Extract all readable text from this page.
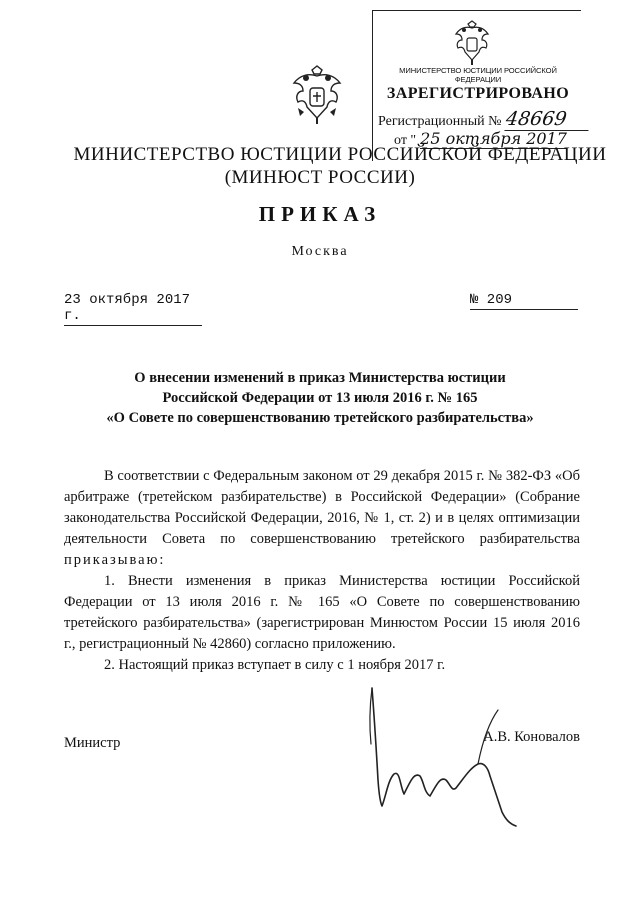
МИНИСТЕРСТВО ЮСТИЦИИ РОССИЙСКОЙ ФЕДЕРАЦИИ
ЗАРЕГИСТРИРОВАНО
Регистрационный № 48669
от " 25 октября 2017
МИНИСТЕРСТВО ЮСТИЦИИ РОССИЙСКОЙ ФЕДЕРАЦИИ
(МИНЮСТ РОССИИ)
ПРИКАЗ
Москва
23 октября 2017 г.
№ 209
О внесении изменений в приказ Министерства юстиции
Российской Федерации от 13 июля 2016 г. № 165
«О Совете по совершенствованию третейского разбирательства»

В соответствии с Федеральным законом от 29 декабря 2015 г. № 382-ФЗ «Об арбитраже (третейском разбирательстве) в Российской Федерации» (Собрание законодательства Российской Федерации, 2016, № 1, ст. 2) и в целях оптимизации деятельности Совета по совершенствованию третейского разбирательства приказываю:

1. Внести изменения в приказ Министерства юстиции Российской Федерации от 13 июля 2016 г. № 165 «О Совете по совершенствованию третейского разбирательства» (зарегистрирован Минюстом России 15 июля 2016 г., регистрационный № 42860) согласно приложению.

2. Настоящий приказ вступает в силу с 1 ноября 2017 г.

Министр	А.В. Коновалов
